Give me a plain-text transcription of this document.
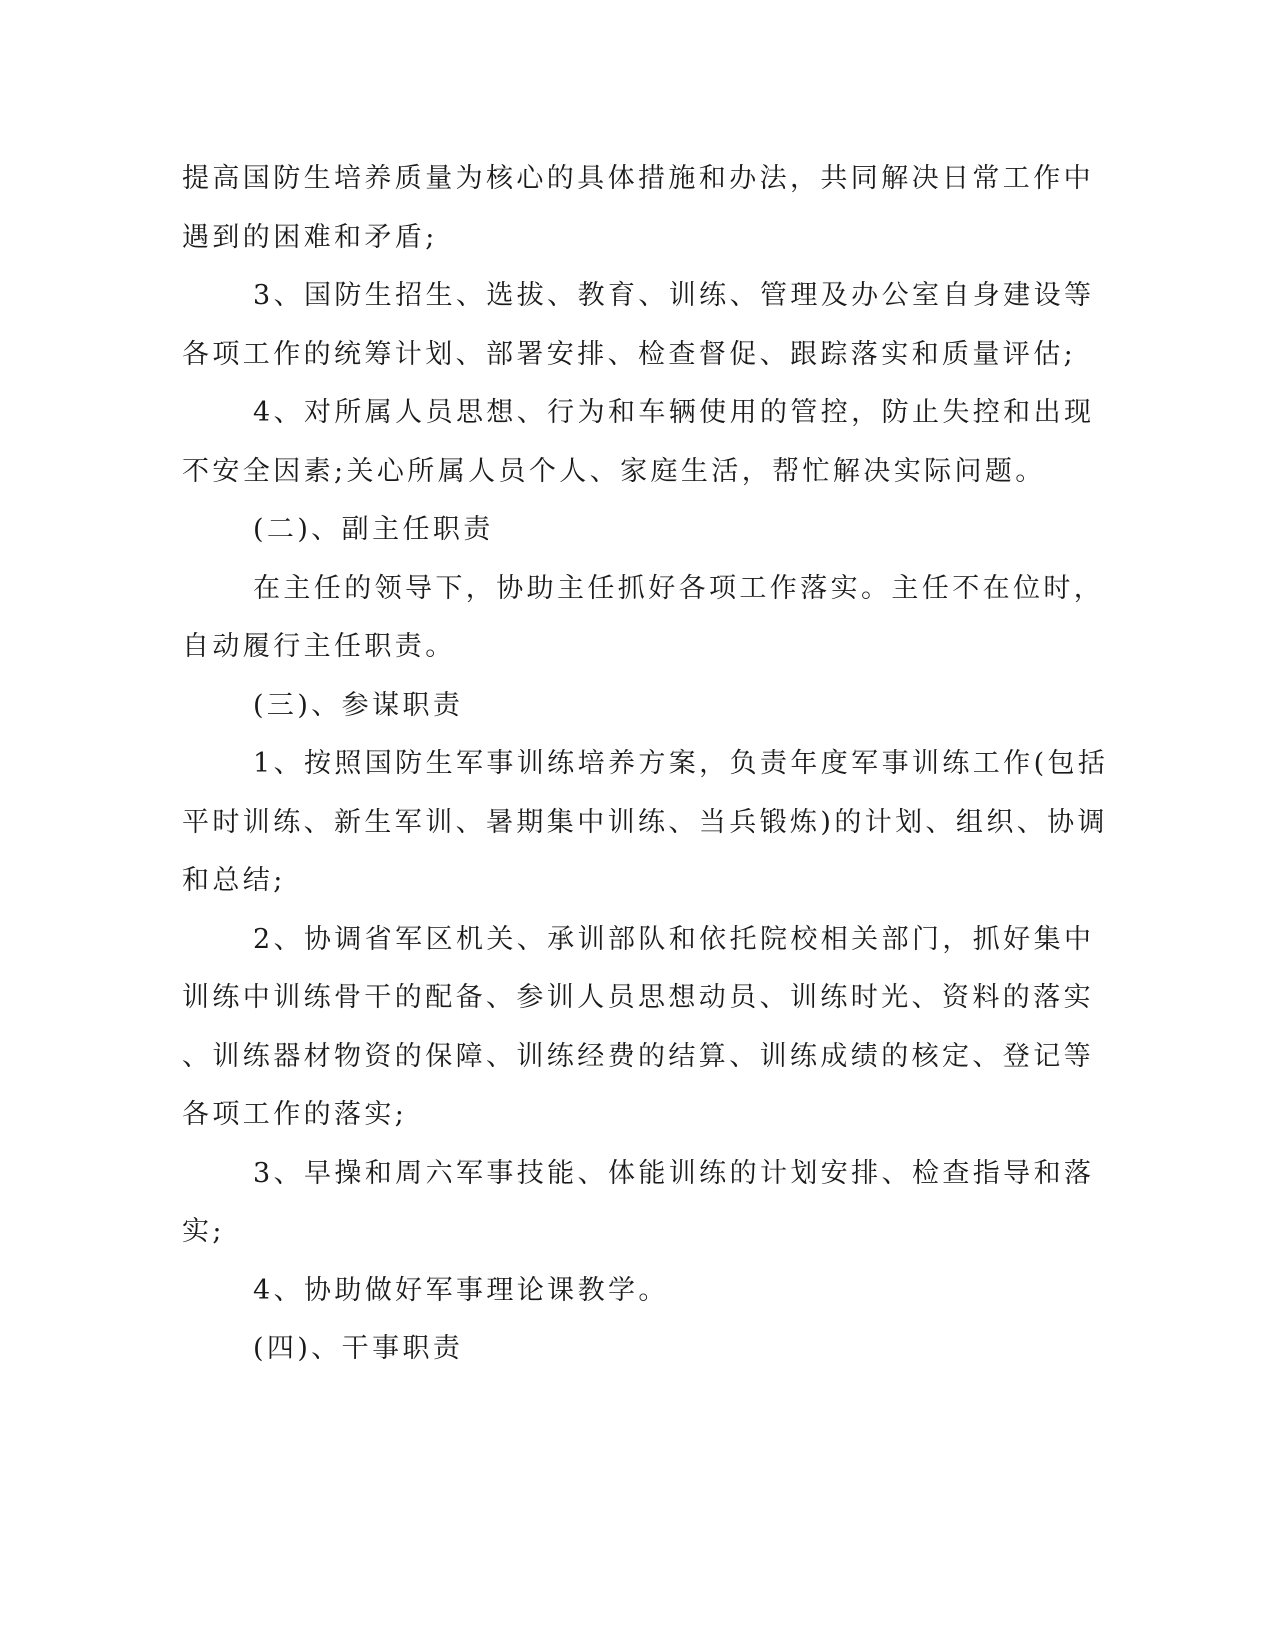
提高国防生培养质量为核心的具体措施和办法，共同解决日常工作中
遇到的困难和矛盾;
3、国防生招生、选拔、教育、训练、管理及办公室自身建设等
各项工作的统筹计划、部署安排、检查督促、跟踪落实和质量评估;
4、对所属人员思想、行为和车辆使用的管控，防止失控和出现
不安全因素;关心所属人员个人、家庭生活，帮忙解决实际问题。
(二)、副主任职责
在主任的领导下，协助主任抓好各项工作落实。主任不在位时，
自动履行主任职责。
(三)、参谋职责
1、按照国防生军事训练培养方案，负责年度军事训练工作(包括
平时训练、新生军训、暑期集中训练、当兵锻炼)的计划、组织、协调
和总结;
2、协调省军区机关、承训部队和依托院校相关部门，抓好集中
训练中训练骨干的配备、参训人员思想动员、训练时光、资料的落实
、训练器材物资的保障、训练经费的结算、训练成绩的核定、登记等
各项工作的落实;
3、早操和周六军事技能、体能训练的计划安排、检查指导和落
实;
4、协助做好军事理论课教学。
(四)、干事职责
